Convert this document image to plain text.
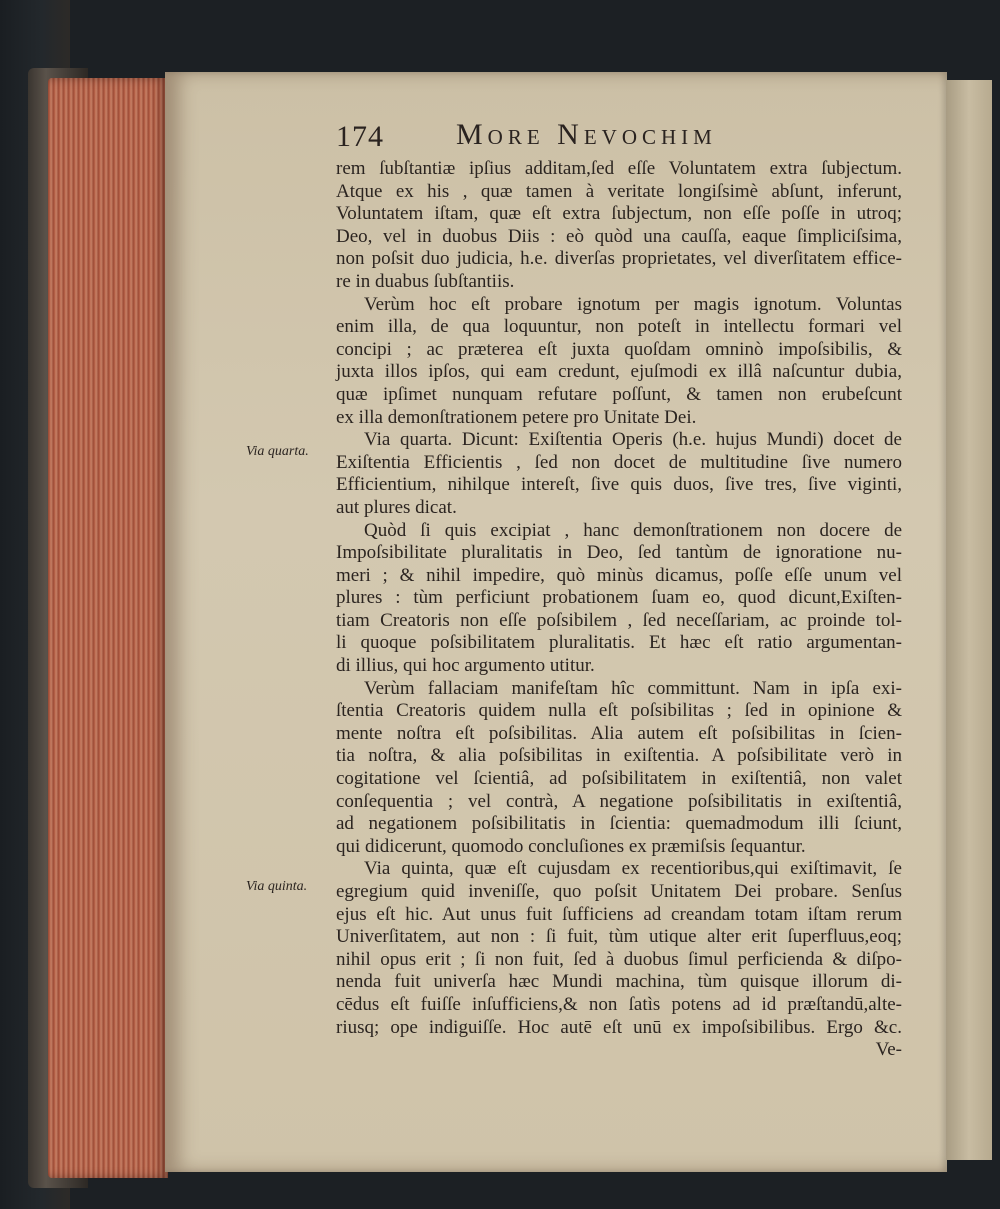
174 More Nevochim
Via quarta.
Via quinta.
rem ſubſtantiæ ipſius additam,ſed eſſe Voluntatem extra ſubjectum.
Atque ex his , quæ tamen à veritate longiſsimè abſunt, inferunt,
Voluntatem iſtam, quæ eſt extra ſubjectum, non eſſe poſſe in utroq;
Deo, vel in duobus Diis : eò quòd una cauſſa, eaque ſimpliciſsima,
non poſsit duo judicia, h.e. diverſas proprietates, vel diverſitatem effice-
re in duabus ſubſtantiis.
Verùm hoc eſt probare ignotum per magis ignotum. Voluntas
enim illa, de qua loquuntur, non poteſt in intellectu formari vel
concipi ; ac præterea eſt juxta quoſdam omninò impoſsibilis, &
juxta illos ipſos, qui eam credunt, ejuſmodi ex illâ naſcuntur dubia,
quæ ipſimet nunquam refutare poſſunt, & tamen non erubeſcunt
ex illa demonſtrationem petere pro Unitate Dei.
Via quarta. Dicunt: Exiſtentia Operis (h.e. hujus Mundi) docet de
Exiſtentia Efficientis , ſed non docet de multitudine ſive numero
Efficientium, nihilque intereſt, ſive quis duos, ſive tres, ſive viginti,
aut plures dicat.
Quòd ſi quis excipiat , hanc demonſtrationem non docere de
Impoſsibilitate pluralitatis in Deo, ſed tantùm de ignoratione nu-
meri ; & nihil impedire, quò minùs dicamus, poſſe eſſe unum vel
plures : tùm perficiunt probationem ſuam eo, quod dicunt,Exiſten-
tiam Creatoris non eſſe poſsibilem , ſed neceſſariam, ac proinde tol-
li quoque poſsibilitatem pluralitatis. Et hæc eſt ratio argumentan-
di illius, qui hoc argumento utitur.
Verùm fallaciam manifeſtam hîc committunt. Nam in ipſa exi-
ſtentia Creatoris quidem nulla eſt poſsibilitas ; ſed in opinione &
mente noſtra eſt poſsibilitas. Alia autem eſt poſsibilitas in ſcien-
tia noſtra, & alia poſsibilitas in exiſtentia. A poſsibilitate verò in
cogitatione vel ſcientiâ, ad poſsibilitatem in exiſtentiâ, non valet
conſequentia ; vel contrà, A negatione poſsibilitatis in exiſtentiâ,
ad negationem poſsibilitatis in ſcientia: quemadmodum illi ſciunt,
qui didicerunt, quomodo concluſiones ex præmiſsis ſequantur.
Via quinta, quæ eſt cujusdam ex recentioribus,qui exiſtimavit, ſe
egregium quid inveniſſe, quo poſsit Unitatem Dei probare. Senſus
ejus eſt hic. Aut unus fuit ſufficiens ad creandam totam iſtam rerum
Univerſitatem, aut non : ſi fuit, tùm utique alter erit ſuperfluus,eoq;
nihil opus erit ; ſi non fuit, ſed à duobus ſimul perficienda & diſpo-
nenda fuit univerſa hæc Mundi machina, tùm quisque illorum di-
cēdus eſt fuiſſe inſufficiens,& non ſatìs potens ad id præſtandū,alte-
riusq; ope indiguiſſe. Hoc autē eſt unū ex impoſsibilibus. Ergo &c.
Ve-
